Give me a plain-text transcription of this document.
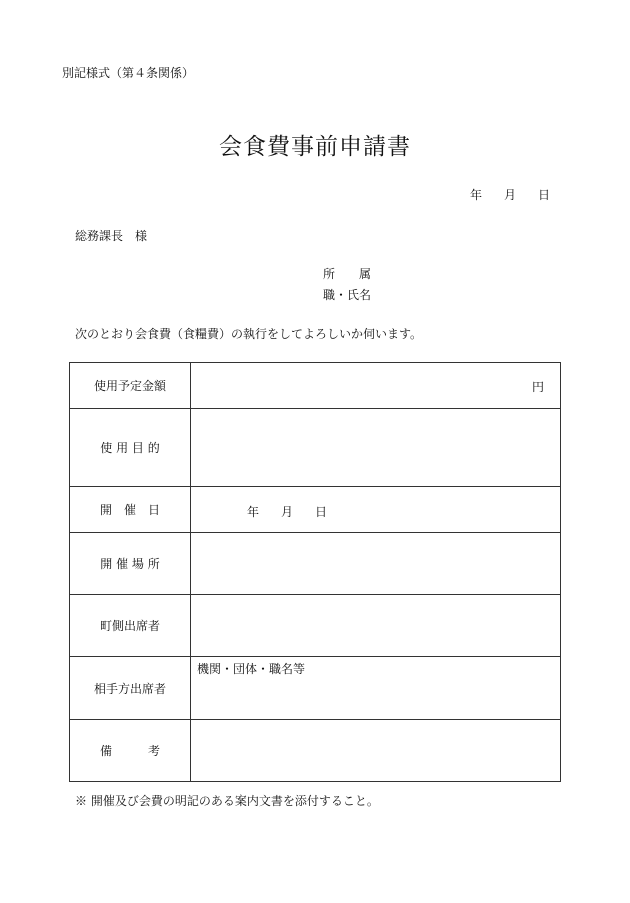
別記様式（第４条関係）
会食費事前申請書
年 月 日
総務課長　様
所　　属
職・氏名
次のとおり会食費（食糧費）の執行をしてよろしいか伺います。
使用予定金額	円

使 用 目 的	
開　催　日	年 月 日

開 催 場 所	
町側出席者	
相手方出席者	機関・団体・職名等

備　　　考	
※ 開催及び会費の明記のある案内文書を添付すること。
